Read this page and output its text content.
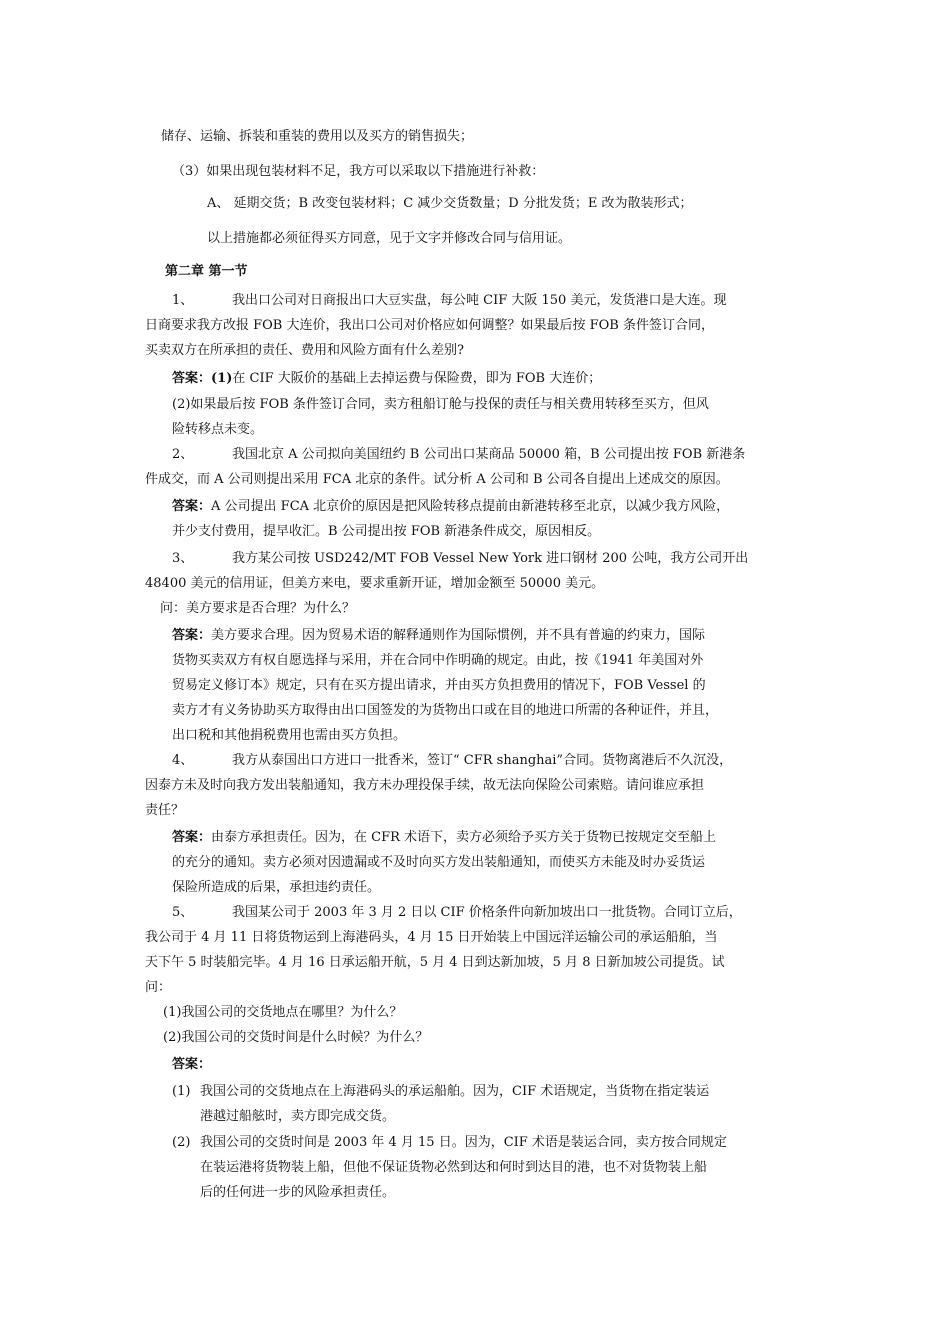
储存、运输、拆装和重装的费用以及买方的销售损失；
（3）如果出现包装材料不足，我方可以采取以下措施进行补救：
A、 延期交货；B 改变包装材料；C 减少交货数量；D 分批发货；E 改为散装形式；
以上措施都必须征得买方同意，见于文字并修改合同与信用证。
第二章 第一节
1、	我出口公司对日商报出口大豆实盘，每公吨 CIF 大阪 150 美元，发货港口是大连。现
日商要求我方改报 FOB 大连价，我出口公司对价格应如何调整？如果最后按 FOB 条件签订合同，
买卖双方在所承担的责任、费用和风险方面有什么差别?
答案：(1)在 CIF 大阪价的基础上去掉运费与保险费，即为 FOB 大连价；
(2)如果最后按 FOB 条件签订合同，卖方租船订舱与投保的责任与相关费用转移至买方，但风
险转移点未变。
2、	我国北京 A 公司拟向美国纽约 B 公司出口某商品 50000 箱，B 公司提出按 FOB 新港条
件成交，而 A 公司则提出采用 FCA 北京的条件。试分析 A 公司和 B 公司各自提出上述成交的原因。
答案：A 公司提出 FCA 北京价的原因是把风险转移点提前由新港转移至北京，以减少我方风险，
并少支付费用，提早收汇。B 公司提出按 FOB 新港条件成交，原因相反。
3、	我方某公司按 USD242/MT FOB Vessel New York 进口钢材 200 公吨，我方公司开出
48400 美元的信用证，但美方来电，要求重新开证，增加金额至 50000 美元。
问：美方要求是否合理？为什么？
答案：美方要求合理。因为贸易术语的解释通则作为国际惯例，并不具有普遍的约束力，国际
货物买卖双方有权自愿选择与采用，并在合同中作明确的规定。由此，按《1941 年美国对外
贸易定义修订本》规定，只有在买方提出请求，并由买方负担费用的情况下，FOB Vessel 的
卖方才有义务协助买方取得由出口国签发的为货物出口或在目的地进口所需的各种证件，并且，
出口税和其他捐税费用也需由买方负担。
4、	我方从泰国出口方进口一批香米，签订“ CFR shanghai”合同。货物离港后不久沉没，
因泰方未及时向我方发出装船通知，我方未办理投保手续，故无法向保险公司索赔。请问谁应承担
责任？
答案：由泰方承担责任。因为，在 CFR 术语下，卖方必须给予买方关于货物已按规定交至船上
的充分的通知。卖方必须对因遗漏或不及时向买方发出装船通知，而使买方未能及时办妥货运
保险所造成的后果，承担违约责任。
5、	我国某公司于 2003 年 3 月 2 日以 CIF 价格条件向新加坡出口一批货物。合同订立后，
我公司于 4 月 11 日将货物运到上海港码头，4 月 15 日开始装上中国远洋运输公司的承运船舶，当
天下午 5 时装船完毕。4 月 16 日承运船开航，5 月 4 日到达新加坡，5 月 8 日新加坡公司提货。试
问：
(1)我国公司的交货地点在哪里？为什么？
(2)我国公司的交货时间是什么时候？为什么？
答案：
(1) 我国公司的交货地点在上海港码头的承运船舶。因为，CIF 术语规定，当货物在指定装运
港越过船舷时，卖方即完成交货。
(2) 我国公司的交货时间是 2003 年 4 月 15 日。因为，CIF 术语是装运合同，卖方按合同规定
在装运港将货物装上船，但他不保证货物必然到达和何时到达目的港，也不对货物装上船
后的任何进一步的风险承担责任。
